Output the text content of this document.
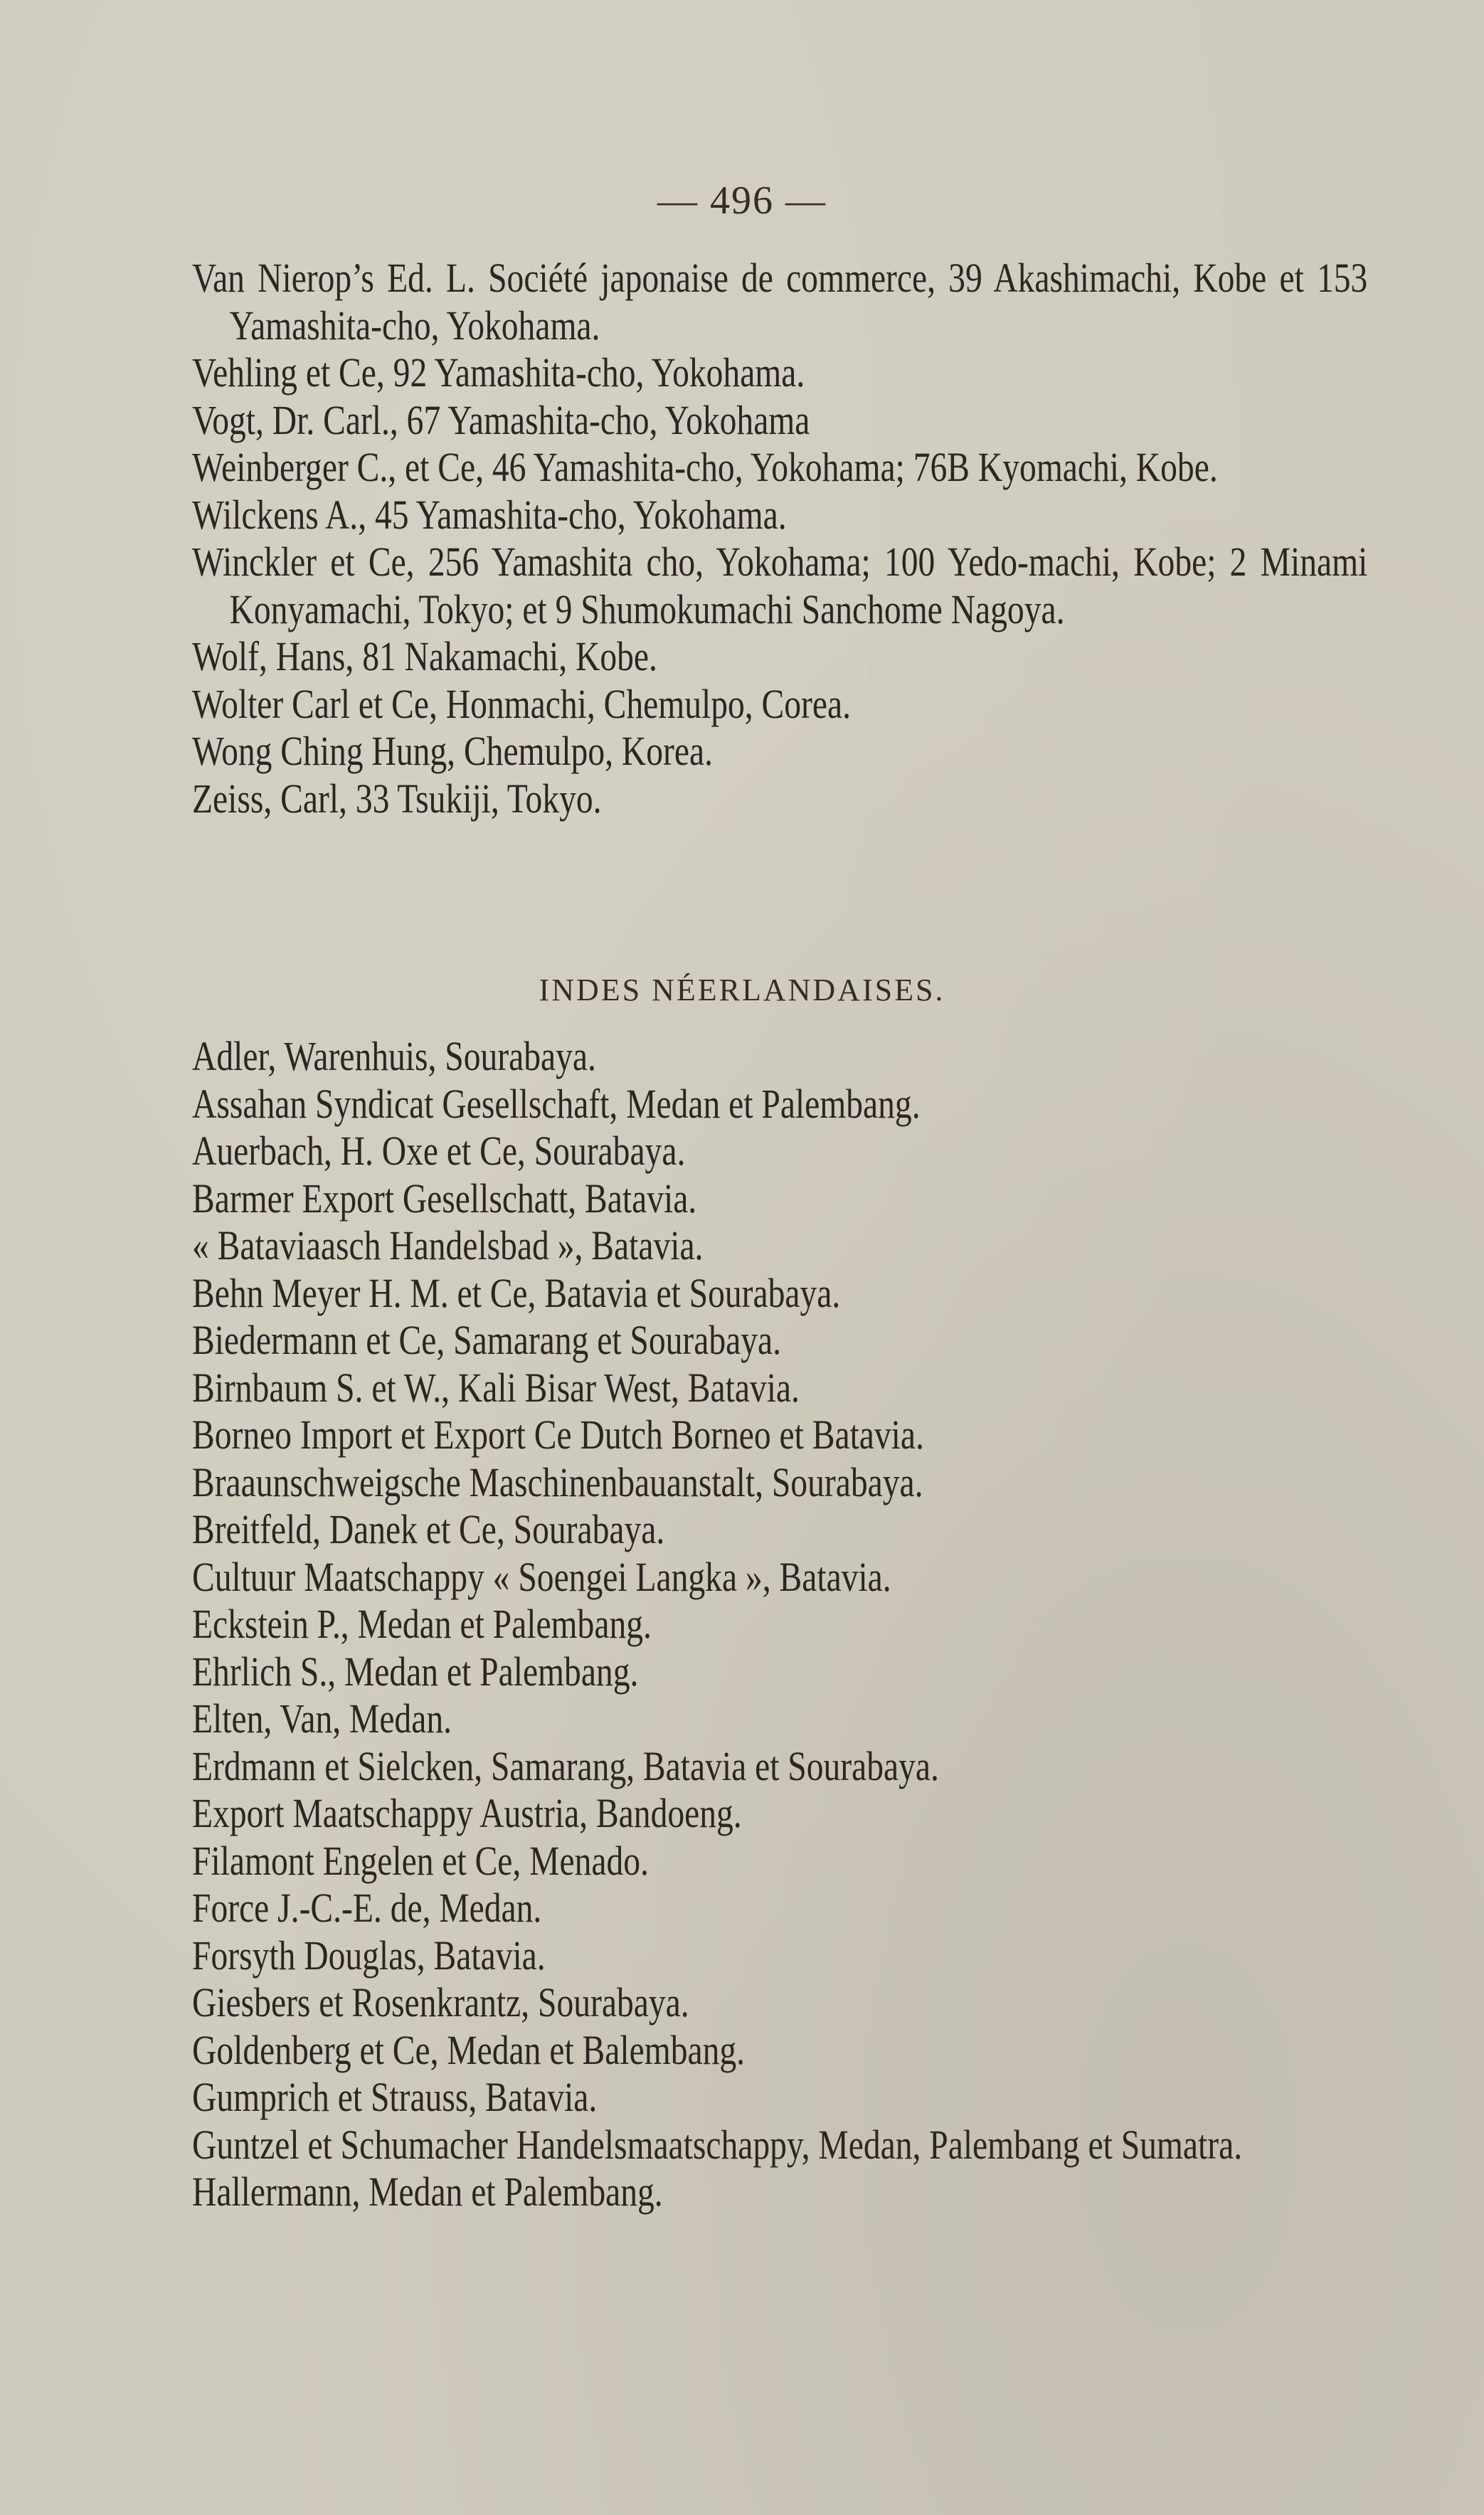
— 496 —

Van Nierop’s Ed. L. Société japonaise de commerce, 39 Akashimachi, Kobe et 153 Yamashita-cho, Yokohama.

Vehling et Ce, 92 Yamashita-cho, Yokohama.

Vogt, Dr. Carl., 67 Yamashita-cho, Yokohama

Weinberger C., et Ce, 46 Yamashita-cho, Yokohama; 76B Kyomachi, Kobe.

Wilckens A., 45 Yamashita-cho, Yokohama.

Winckler et Ce, 256 Yamashita cho, Yokohama; 100 Yedo-machi, Kobe; 2 Minami Konyamachi, Tokyo; et 9 Shumokumachi Sanchome Nagoya.

Wolf, Hans, 81 Nakamachi, Kobe.

Wolter Carl et Ce, Honmachi, Chemulpo, Corea.

Wong Ching Hung, Chemulpo, Korea.

Zeiss, Carl, 33 Tsukiji, Tokyo.

INDES NÉERLANDAISES.

Adler, Warenhuis, Sourabaya.

Assahan Syndicat Gesellschaft, Medan et Palembang.

Auerbach, H. Oxe et Ce, Sourabaya.

Barmer Export Gesellschatt, Batavia.

« Bataviaasch Handelsbad », Batavia.

Behn Meyer H. M. et Ce, Batavia et Sourabaya.

Biedermann et Ce, Samarang et Sourabaya.

Birnbaum S. et W., Kali Bisar West, Batavia.

Borneo Import et Export Ce Dutch Borneo et Batavia.

Braaunschweigsche Maschinenbauanstalt, Sourabaya.

Breitfeld, Danek et Ce, Sourabaya.

Cultuur Maatschappy « Soengei Langka », Batavia.

Eckstein P., Medan et Palembang.

Ehrlich S., Medan et Palembang.

Elten, Van, Medan.

Erdmann et Sielcken, Samarang, Batavia et Sourabaya.

Export Maatschappy Austria, Bandoeng.

Filamont Engelen et Ce, Menado.

Force J.-C.-E. de, Medan.

Forsyth Douglas, Batavia.

Giesbers et Rosenkrantz, Sourabaya.

Goldenberg et Ce, Medan et Balembang.

Gumprich et Strauss, Batavia.

Guntzel et Schumacher Handelsmaatschappy, Medan, Palembang et Sumatra.

Hallermann, Medan et Palembang.
